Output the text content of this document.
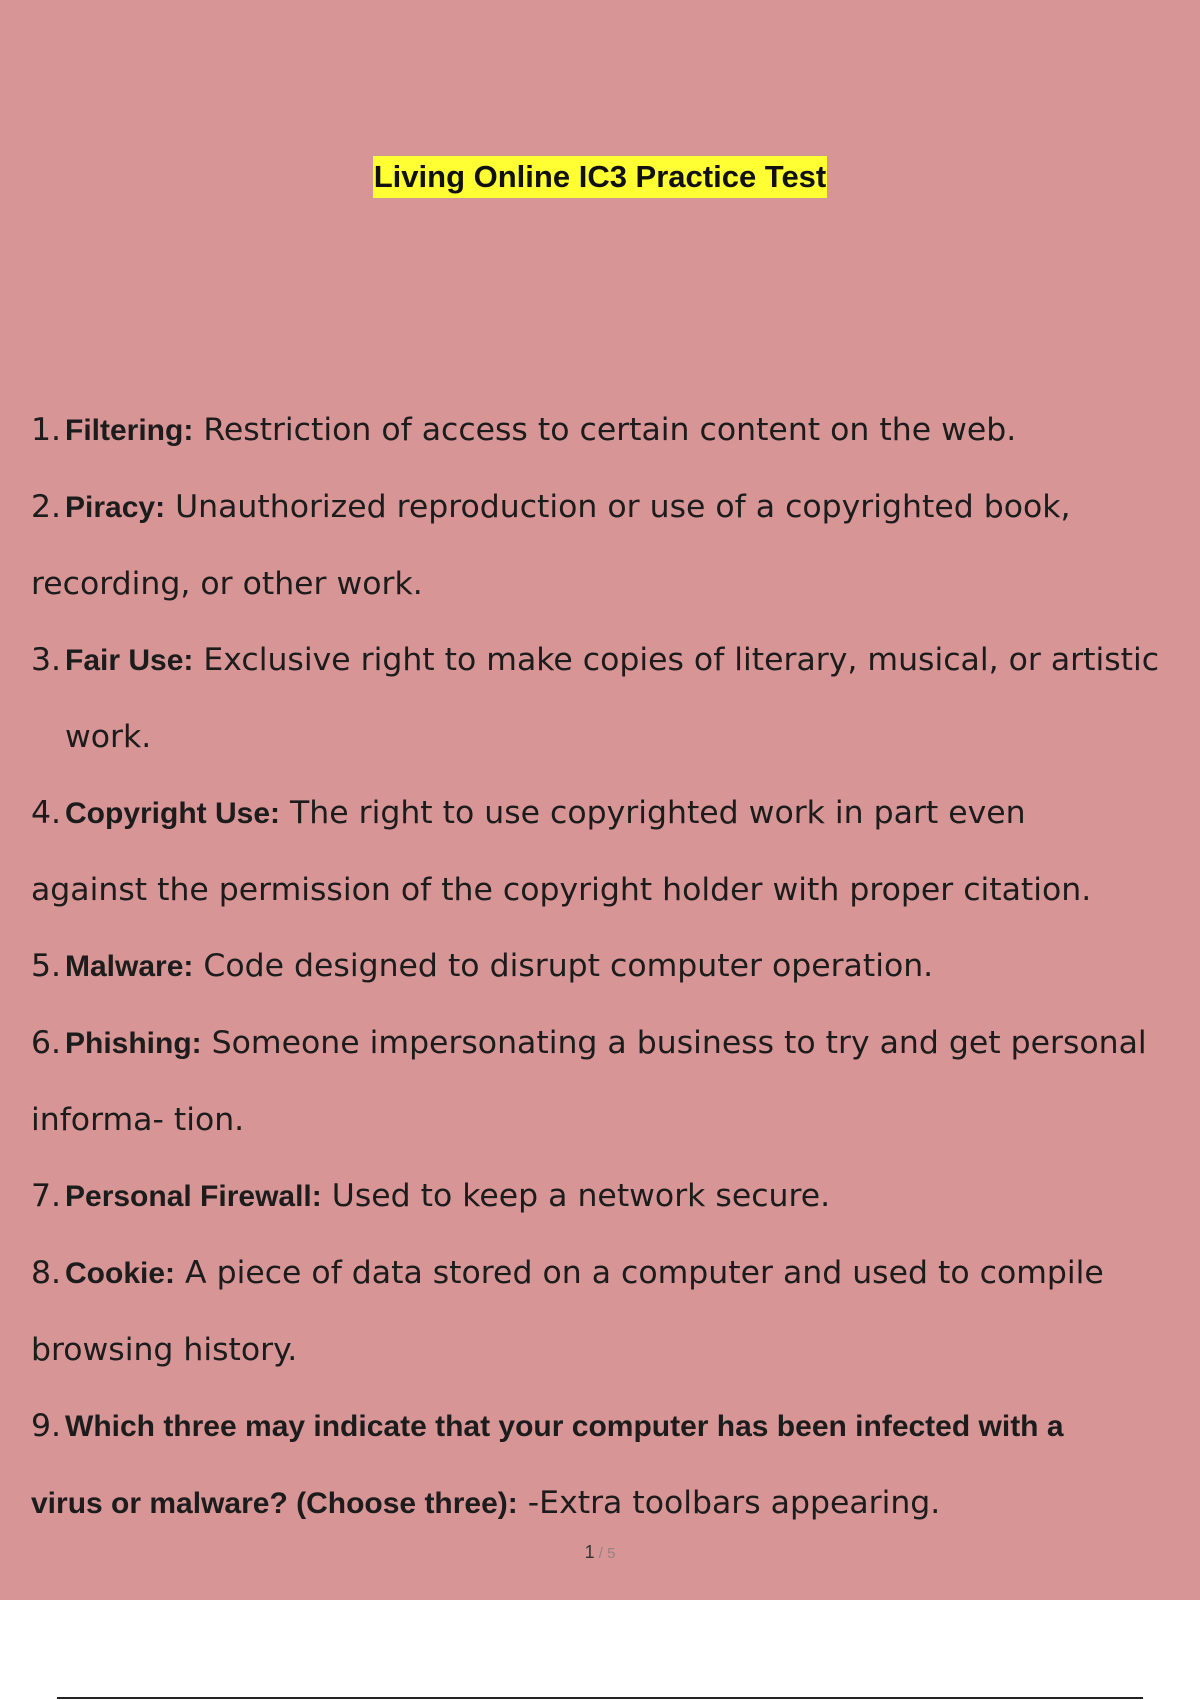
Living Online IC3 Practice Test
1. Filtering: Restriction of access to certain content on the web.
2. Piracy: Unauthorized reproduction or use of a copyrighted book,
recording, or other work.
3. Fair Use: Exclusive right to make copies of literary, musical, or artistic
work.
4. Copyright Use: The right to use copyrighted work in part even
against the permission of the copyright holder with proper citation.
5. Malware: Code designed to disrupt computer operation.
6. Phishing: Someone impersonating a business to try and get personal
informa- tion.
7. Personal Firewall: Used to keep a network secure.
8. Cookie: A piece of data stored on a computer and used to compile
browsing history.
9. Which three may indicate that your computer has been infected with a
virus or malware? (Choose three): -Extra toolbars appearing.
1 / 5
